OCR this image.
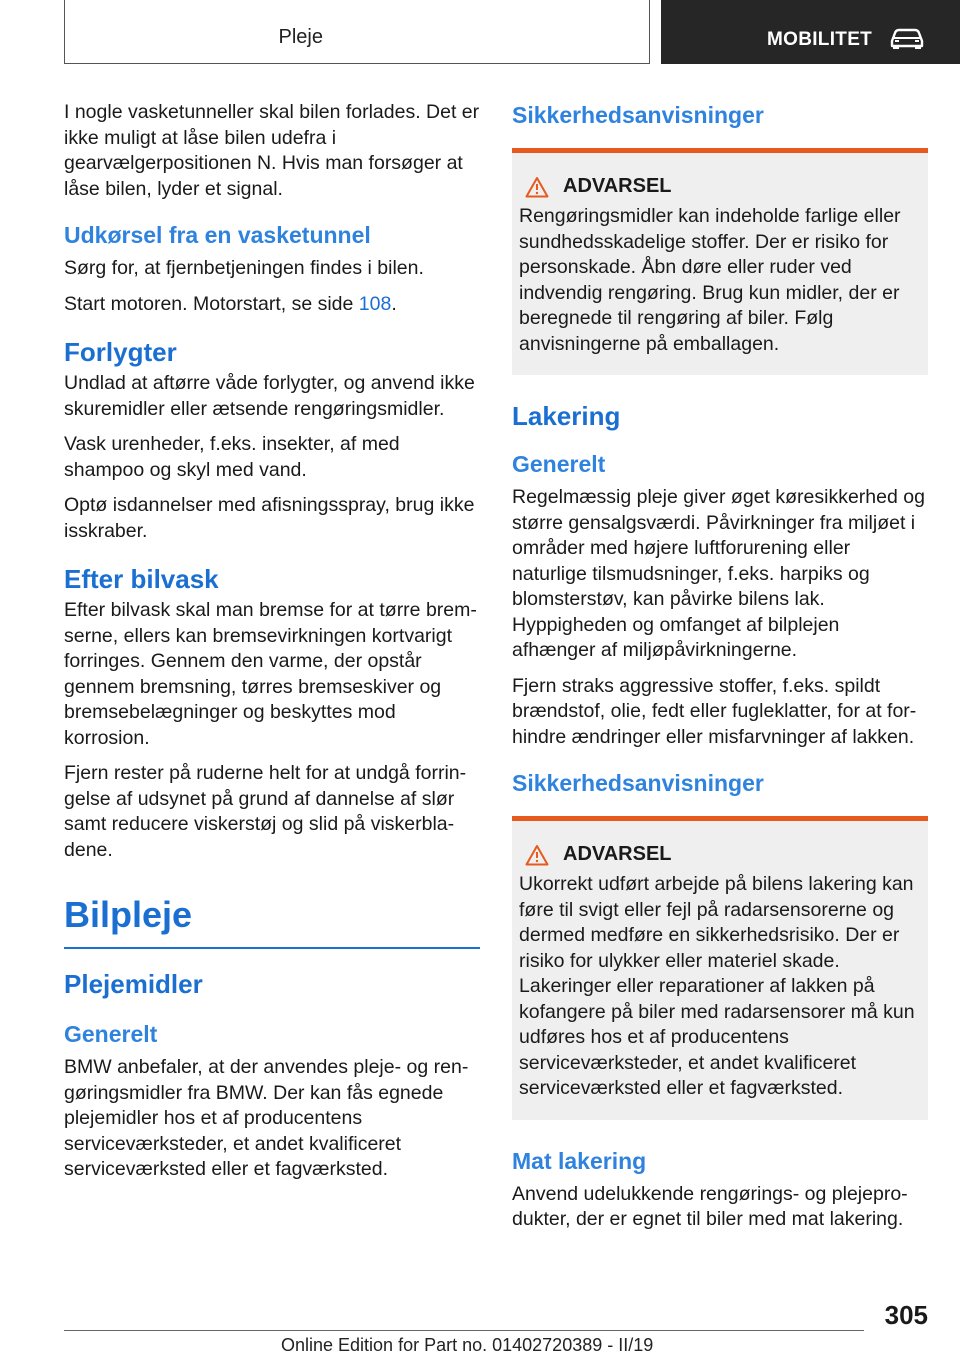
Pleje	MOBILITET

I nogle vasketunneller skal bilen forlades. Det er ikke muligt at låse bilen udefra i gearvælgerpositionen N. Hvis man forsøger at låse bilen, lyder et signal.

Udkørsel fra en vasketunnel

Sørg for, at fjernbetjeningen findes i bilen.

Start motoren. Motorstart, se side 108.

Forlygter

Undlad at aftørre våde forlygter, og anvend ikke skuremidler eller ætsende rengøringsmidler.

Vask urenheder, f.eks. insekter, af med shampoo og skyl med vand.

Optø isdannelser med afisningsspray, brug ikke isskraber.

Efter bilvask

Efter bilvask skal man bremse for at tørre bremserne, ellers kan bremsevirkningen kortvarigt forringes. Gennem den varme, der opstår gennem bremsning, tørres bremseskiver og bremsebelægninger og beskyttes mod korrosion.

Fjern rester på ruderne helt for at undgå forringelse af udsynet på grund af dannelse af slør samt reducere viskerstøj og slid på viskerbladene.

Bilpleje
Plejemidler
Generelt

BMW anbefaler, at der anvendes pleje- og rengøringsmidler fra BMW. Der kan fås egnede plejemidler hos et af producentens serviceværksteder, et andet kvalificeret serviceværksted eller et fagværksted.

Sikkerhedsanvisninger
ADVARSEL

Rengøringsmidler kan indeholde farlige eller sundhedsskadelige stoffer. Der er risiko for personskade. Åbn døre eller ruder ved indvendig rengøring. Brug kun midler, der er beregnede til rengøring af biler. Følg anvisningerne på emballagen.

Lakering
Generelt

Regelmæssig pleje giver øget køresikkerhed og større gensalgsværdi. Påvirkninger fra miljøet i områder med højere luftforurening eller naturlige tilsmudsninger, f.eks. harpiks og blomsterstøv, kan påvirke bilens lak. Hyppigheden og omfanget af bilplejen afhænger af miljøpåvirkningerne.

Fjern straks aggressive stoffer, f.eks. spildt brændstof, olie, fedt eller fugleklatter, for at forhindre ændringer eller misfarvninger af lakken.

Sikkerhedsanvisninger
ADVARSEL

Ukorrekt udført arbejde på bilens lakering kan føre til svigt eller fejl på radarsensorerne og dermed medføre en sikkerhedsrisiko. Der er risiko for ulykker eller materiel skade. Lakeringer eller reparationer af lakken på kofangere på biler med radarsensorer må kun udføres hos et af producentens serviceværksteder, et andet kvalificeret serviceværksted eller et fagværksted.

Mat lakering

Anvend udelukkende rengørings- og plejeprodukter, der er egnet til biler med mat lakering.

305
Online Edition for Part no. 01402720389 - II/19
